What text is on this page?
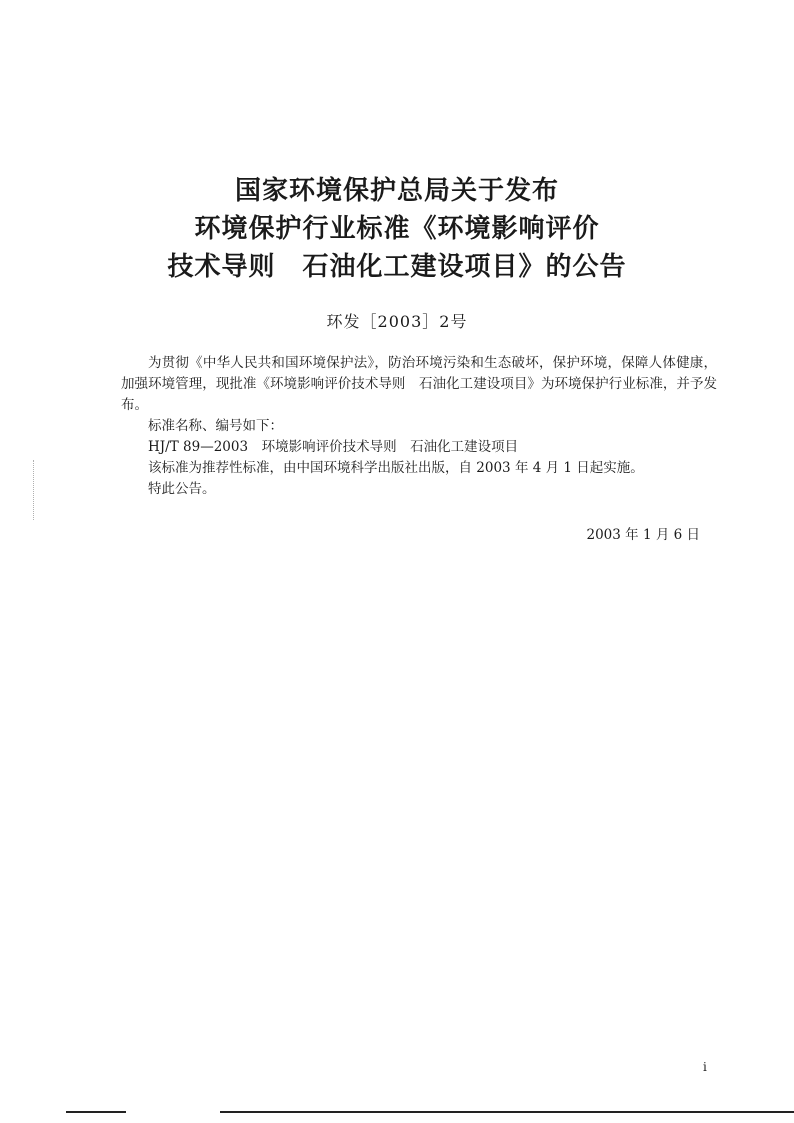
国家环境保护总局关于发布
环境保护行业标准《环境影响评价
技术导则　石油化工建设项目》的公告
环发［2003］2号

为贯彻《中华人民共和国环境保护法》，防治环境污染和生态破坏，保护环境，保障人体健康，加强环境管理，现批准《环境影响评价技术导则　石油化工建设项目》为环境保护行业标准，并予发布。

标准名称、编号如下：

HJ/T 89—2003　环境影响评价技术导则　石油化工建设项目

该标准为推荐性标准，由中国环境科学出版社出版，自 2003 年 4 月 1 日起实施。

特此公告。

2003 年 1 月 6 日
i
